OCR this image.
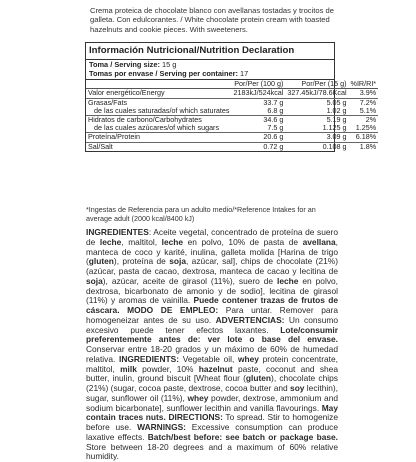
Crema proteica de chocolate blanco con avellanas tostadas y trocitos de galleta. Con edulcorantes. / White chocolate protein cream with toasted hazelnuts and cookie pieces. With sweeteners.
Información Nutricional/Nutrition Declaration
Toma / Serving size: 15 g
Tomas por envase / Serving per container: 17
	Por/Per (100 g)	Por/Per (15 g)	%IR/RI*
Valor energético/Energy	2183kJ/524kcal	327.45kJ/78.6Kcal	3.9%
Grasas/Fats	33.7 g	5.05 g	7.2%
de las cuales saturadas/of which saturates	6.8 g	1.02 g	5.1%
Hidratos de carbono/Carbohydrates	34.6 g	5.19 g	2%
de las cuales azúcares/of which sugars	7.5 g	1.125 g	1.25%
Proteína/Protein	20.6 g	3.09 g	6.18%
Sal/Salt	0.72 g	0.108 g	1.8%
*Ingestas de Referencia para un adulto medio/*Reference Intakes for an average adult (2000 kcal/8400 kJ)
INGREDIENTES: Aceite vegetal, concentrado de proteína de suero de leche, maltitol, leche en polvo, 10% de pasta de avellana, manteca de coco y karité, inulina, galleta molida [Harina de trigo (gluten), proteína de soja, azúcar, sal], chips de chocolate (21%) (azúcar, pasta de cacao, dextrosa, manteca de cacao y lecitina de soja), azúcar, aceite de girasol (11%), suero de leche en polvo, dextrosa, bicarbonato de amonio y de sodio], lecitina de girasol (11%) y aromas de vainilla. Puede contener trazas de frutos de cáscara. MODO DE EMPLEO: Para untar. Remover para homogeneizar antes de su uso. ADVERTENCIAS: Un consumo excesivo puede tener efectos laxantes. Lote/consumir preferentemente antes de: ver lote o base del envase. Conservar entre 18-20 grados y un máximo de 60% de humedad relativa. INGREDIENTS: Vegetable oil, whey protein concentrate, maltitol, milk powder, 10% hazelnut paste, coconut and shea butter, inulin, ground biscuit [Wheat flour (gluten), chocolate chips (21%) (sugar, cocoa paste, dextrose, cocoa butter and soy lecithin), sugar, sunflower oil (11%), whey powder, dextrose, ammonium and sodium bicarbonate], sunflower lecithin and vanilla flavourings. May contain traces nuts. DIRECTIONS: To spread. Stir to homogenize before use. WARNINGS: Excessive consumption can produce laxative effects. Batch/best before: see batch or package base. Store between 18-20 degrees and a maximum of 60% relative humidity.
